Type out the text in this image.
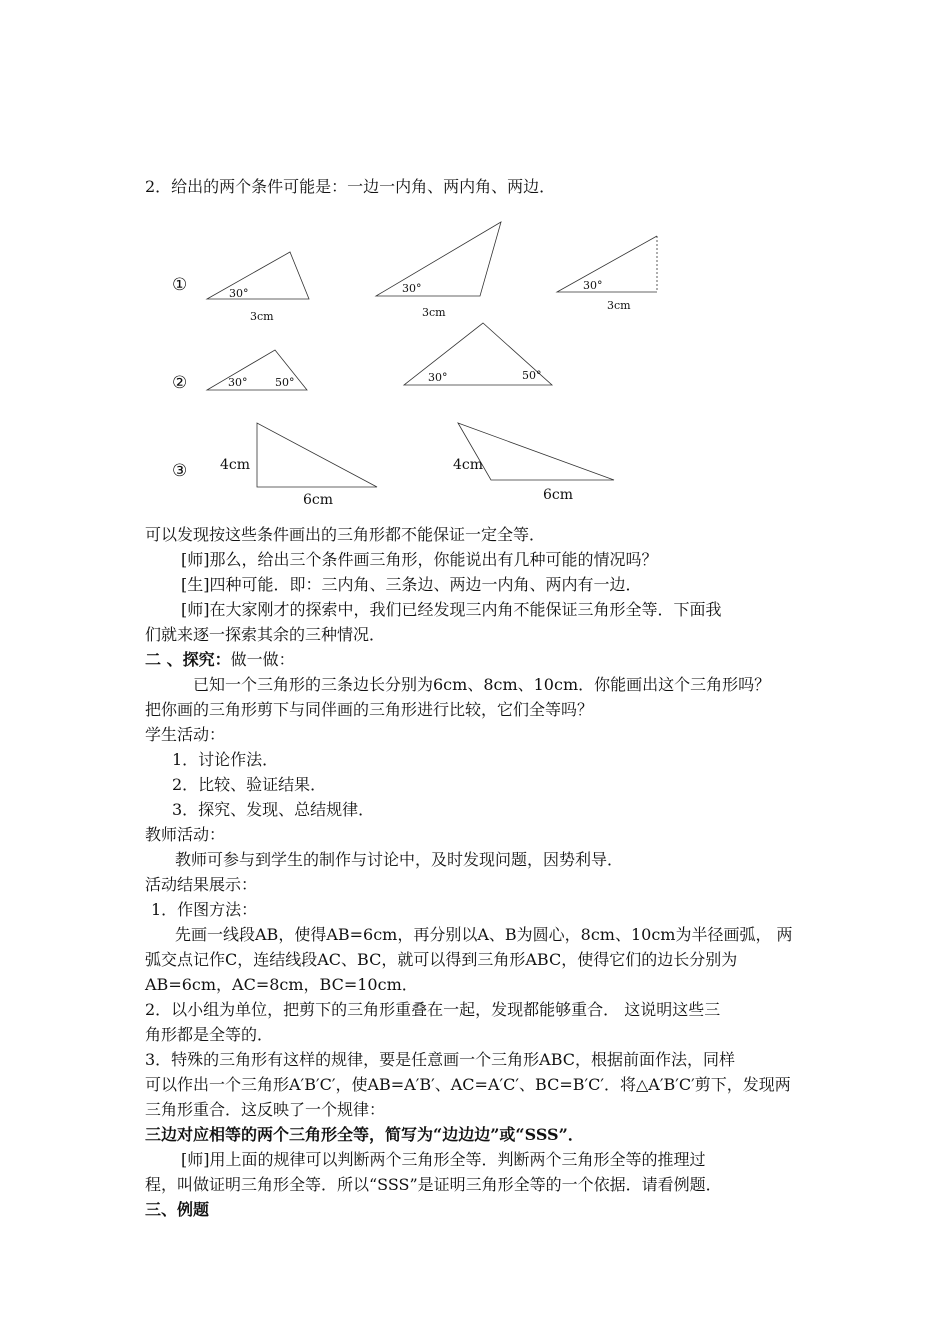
2．给出的两个条件可能是：一边一内角、两内角、两边．
①
②
③
30°
3cm
30°
3cm
30°
3cm
30°	50°	30°	50°
4cm
6cm
4cm
6cm
可以发现按这些条件画出的三角形都不能保证一定全等．
[师]那么，给出三个条件画三角形，你能说出有几种可能的情况吗？
[生]四种可能．即：三内角、三条边、两边一内角、两内有一边．
[师]在大家刚才的探索中，我们已经发现三内角不能保证三角形全等．下面我
们就来逐一探索其余的三种情况．
二 、探究：做一做：
已知一个三角形的三条边长分别为6cm、8cm、10cm．你能画出这个三角形吗？
把你画的三角形剪下与同伴画的三角形进行比较，它们全等吗？
学生活动：
1．讨论作法．
2．比较、验证结果．
3．探究、发现、总结规律．
教师活动：
教师可参与到学生的制作与讨论中，及时发现问题，因势利导．
活动结果展示：
1．作图方法：
先画一线段AB，使得AB=6cm，再分别以A、B为圆心，8cm、10cm为半径画弧， 两
弧交点记作C，连结线段AC、BC，就可以得到三角形ABC，使得它们的边长分别为
AB=6cm，AC=8cm，BC=10cm．
2．以小组为单位，把剪下的三角形重叠在一起，发现都能够重合． 这说明这些三
角形都是全等的．
3．特殊的三角形有这样的规律，要是任意画一个三角形ABC，根据前面作法，同样
可以作出一个三角形A′B′C′，使AB=A′B′、AC=A′C′、BC=B′C′．将△A′B′C′剪下，发现两
三角形重合．这反映了一个规律：
三边对应相等的两个三角形全等，简写为“边边边”或“SSS”．
[师]用上面的规律可以判断两个三角形全等．判断两个三角形全等的推理过
程，叫做证明三角形全等．所以“SSS”是证明三角形全等的一个依据．请看例题．
三、例题
